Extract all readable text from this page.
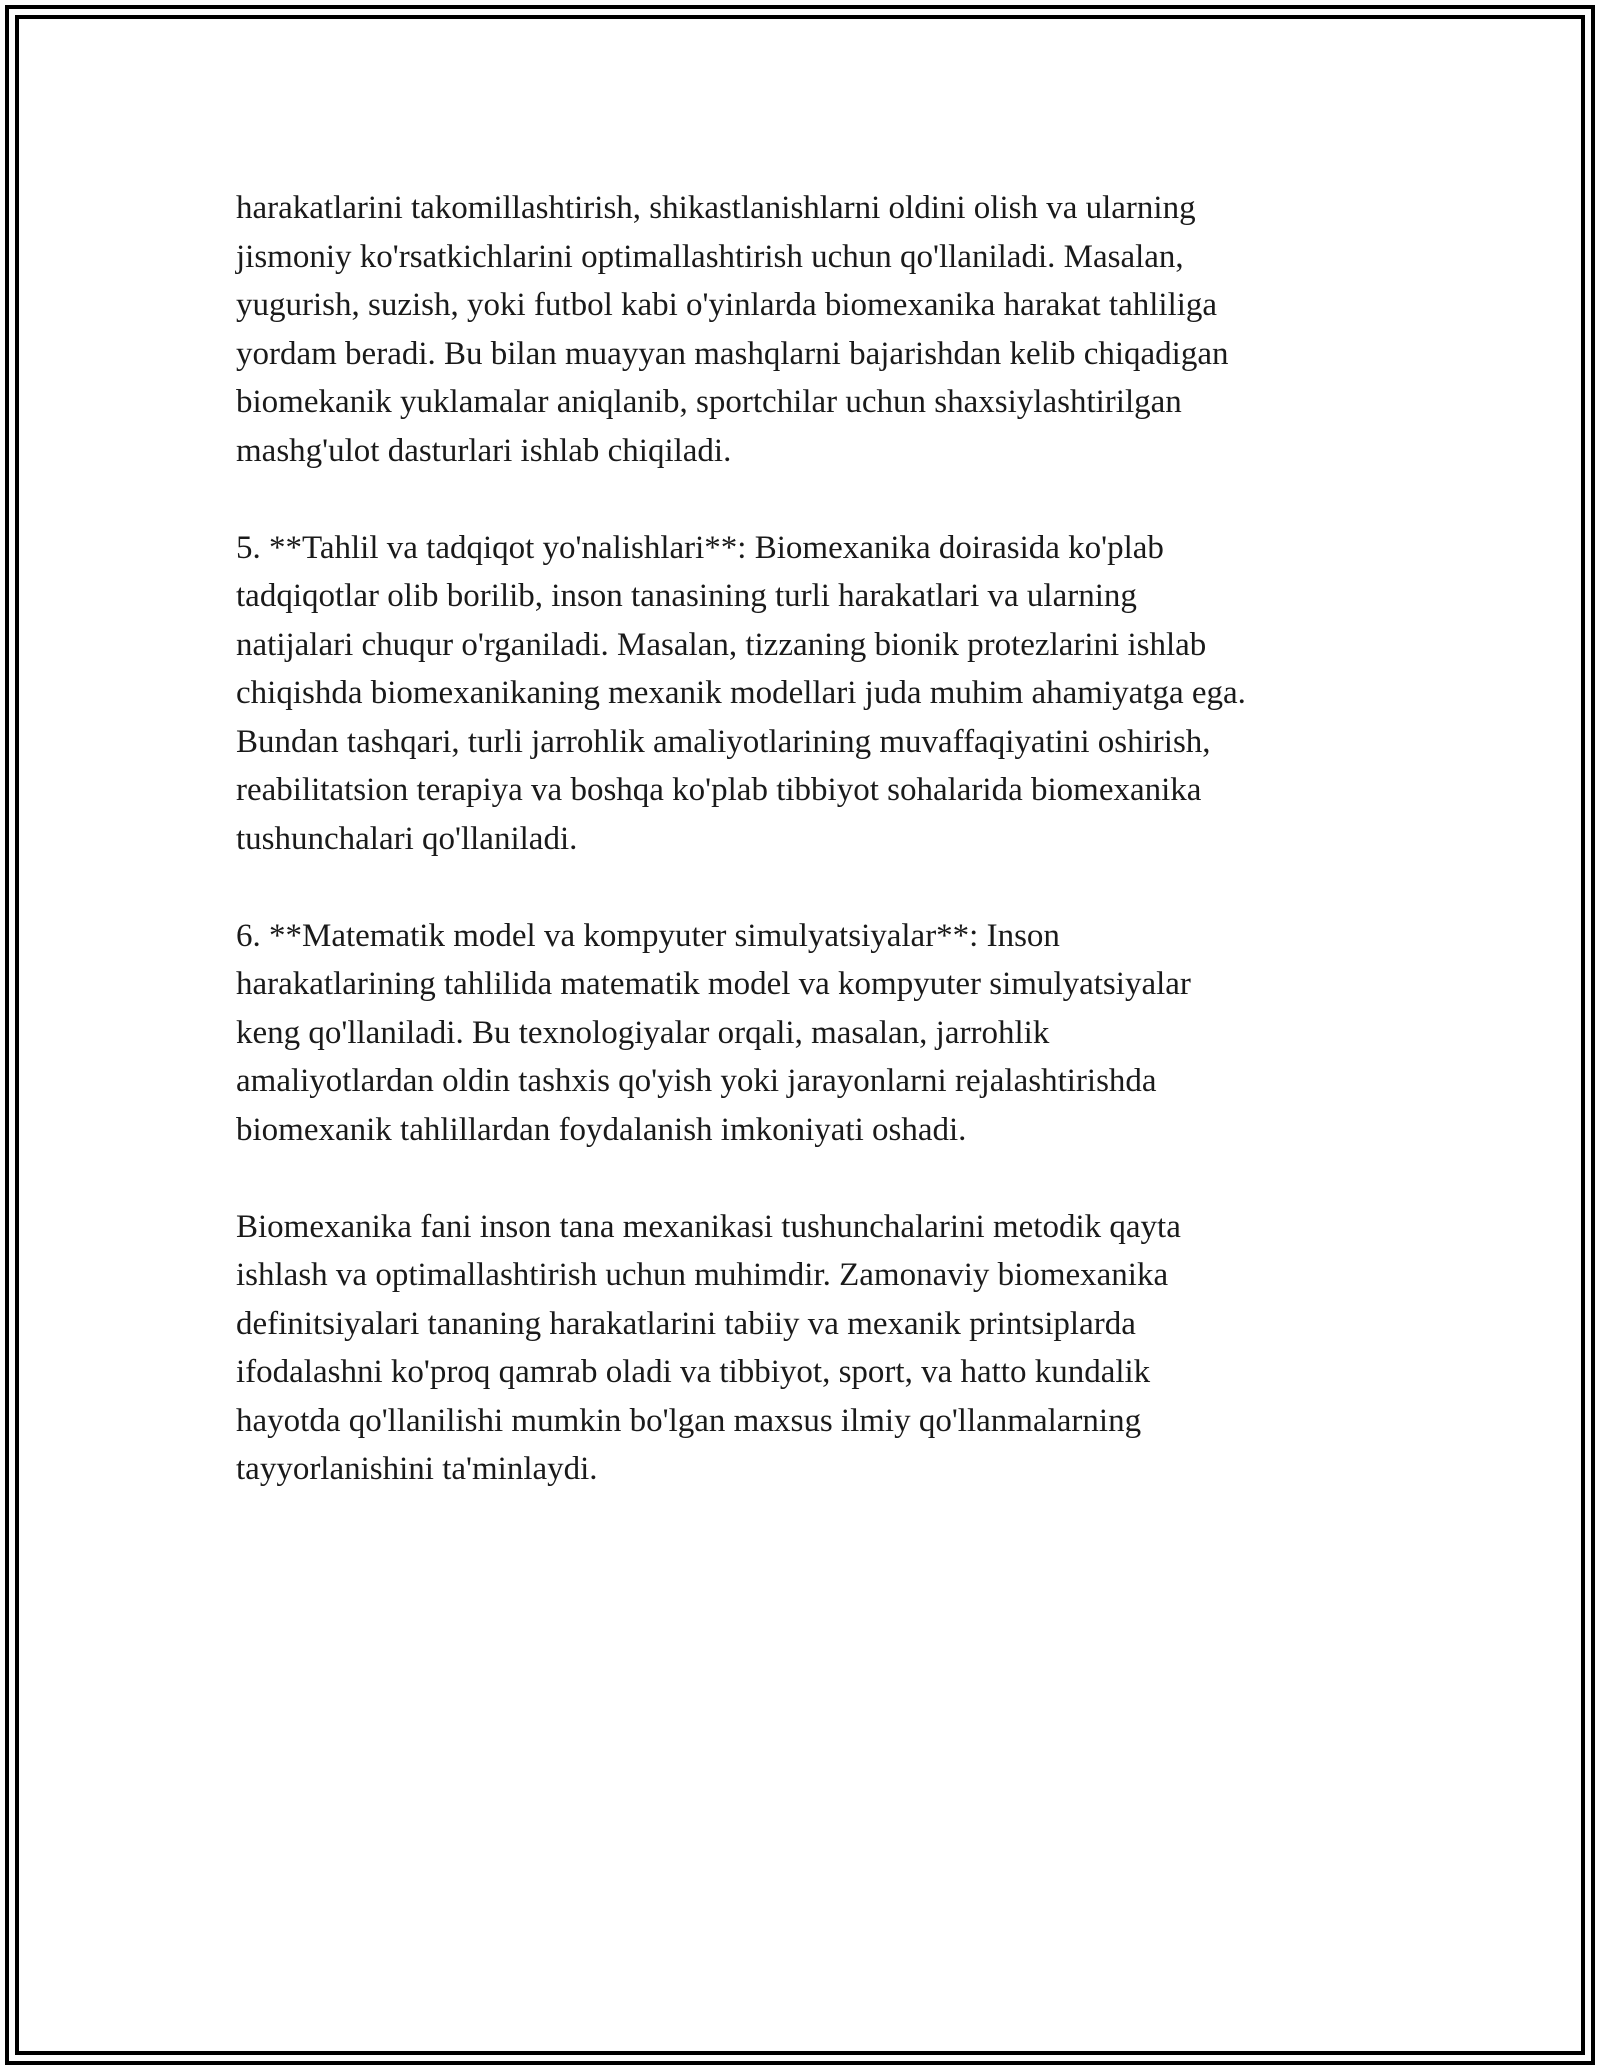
harakatlarini takomillashtirish, shikastlanishlarni oldini olish va ularning
jismoniy ko'rsatkichlarini optimallashtirish uchun qo'llaniladi. Masalan,
yugurish, suzish, yoki futbol kabi o'yinlarda biomexanika harakat tahliliga
yordam beradi. Bu bilan muayyan mashqlarni bajarishdan kelib chiqadigan
biomekanik yuklamalar aniqlanib, sportchilar uchun shaxsiylashtirilgan
mashg'ulot dasturlari ishlab chiqiladi.

5. **Tahlil va tadqiqot yo'nalishlari**: Biomexanika doirasida ko'plab
tadqiqotlar olib borilib, inson tanasining turli harakatlari va ularning
natijalari chuqur o'rganiladi. Masalan, tizzaning bionik protezlarini ishlab
chiqishda biomexanikaning mexanik modellari juda muhim ahamiyatga ega.
Bundan tashqari, turli jarrohlik amaliyotlarining muvaffaqiyatini oshirish,
reabilitatsion terapiya va boshqa ko'plab tibbiyot sohalarida biomexanika
tushunchalari qo'llaniladi.

6. **Matematik model va kompyuter simulyatsiyalar**: Inson
harakatlarining tahlilida matematik model va kompyuter simulyatsiyalar
keng qo'llaniladi. Bu texnologiyalar orqali, masalan, jarrohlik
amaliyotlardan oldin tashxis qo'yish yoki jarayonlarni rejalashtirishda
biomexanik tahlillardan foydalanish imkoniyati oshadi.

Biomexanika fani inson tana mexanikasi tushunchalarini metodik qayta
ishlash va optimallashtirish uchun muhimdir. Zamonaviy biomexanika
definitsiyalari tananing harakatlarini tabiiy va mexanik printsiplarda
ifodalashni ko'proq qamrab oladi va tibbiyot, sport, va hatto kundalik
hayotda qo'llanilishi mumkin bo'lgan maxsus ilmiy qo'llanmalarning
tayyorlanishini ta'minlaydi.
